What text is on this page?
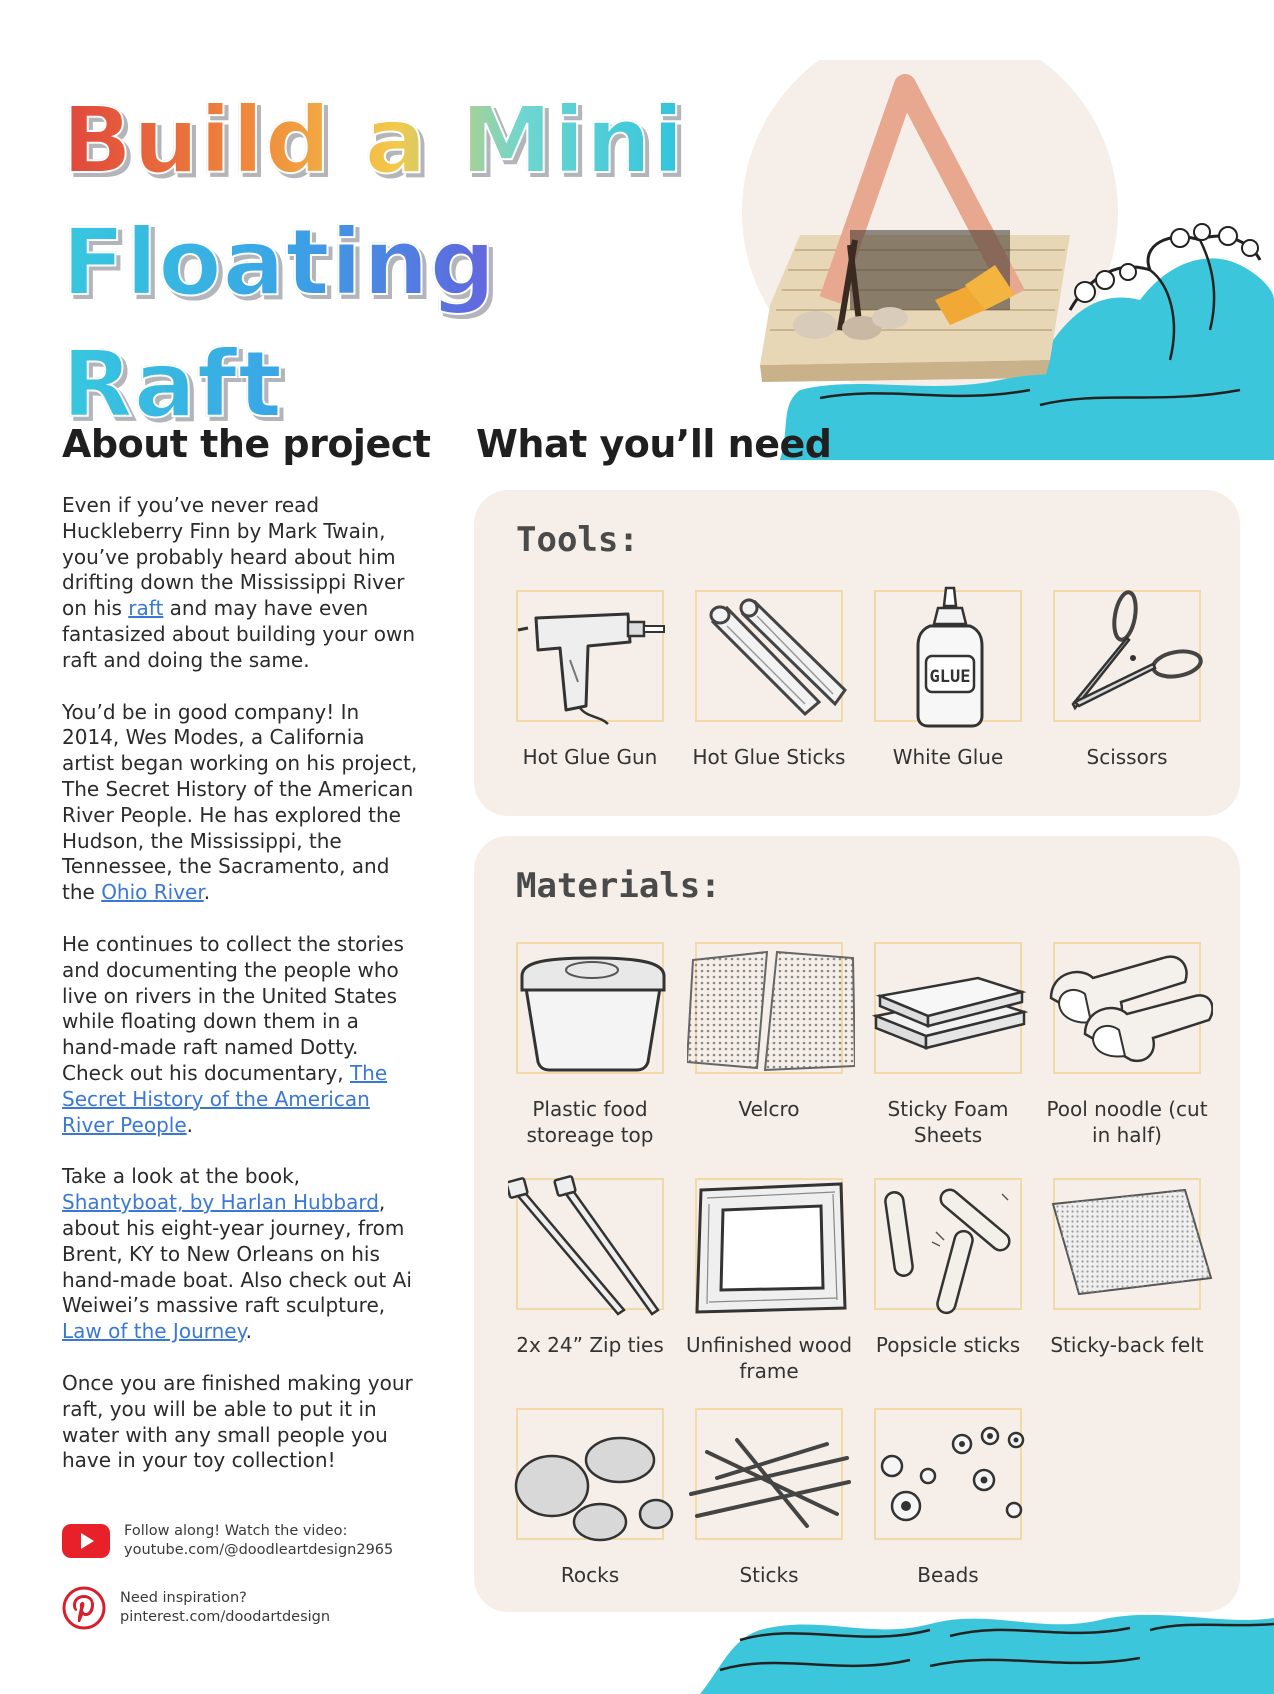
Build a Mini
Floating Raft
About the project

Even if you’ve never read Huckleberry Finn by Mark Twain, you’ve probably heard about him drifting down the Mississippi River on his raft and may have even fantasized about building your own raft and doing the same.

You’d be in good company! In 2014, Wes Modes, a California artist began working on his project, The Secret History of the American River People. He has explored the Hudson, the Mississippi, the Tennessee, the Sacramento, and the Ohio River.

He continues to collect the stories and documenting the people who live on rivers in the United States while floating down them in a hand-made raft named Dotty. Check out his documentary, The Secret History of the American River People.

Take a look at the book, Shantyboat, by Harlan Hubbard, about his eight-year journey, from Brent, KY to New Orleans on his hand-made boat. Also check out Ai Weiwei’s massive raft sculpture, Law of the Journey.

Once you are finished making your raft, you will be able to put it in water with any small people you have in your toy collection!

Follow along! Watch the video:
youtube.com/@doodleartdesign2965
Need inspiration?
pinterest.com/doodartdesign
What you’ll need
Tools:
Hot Glue Gun	Hot Glue Sticks
GLUE
White Glue	Scissors
Materials:
Plastic food storeage top
Velcro	Sticky Foam Sheets
Pool noodle (cut in half)
2x 24” Zip ties	Unfinished wood frame
Popsicle sticks	Sticky-back felt
Rocks	Sticks	Beads
